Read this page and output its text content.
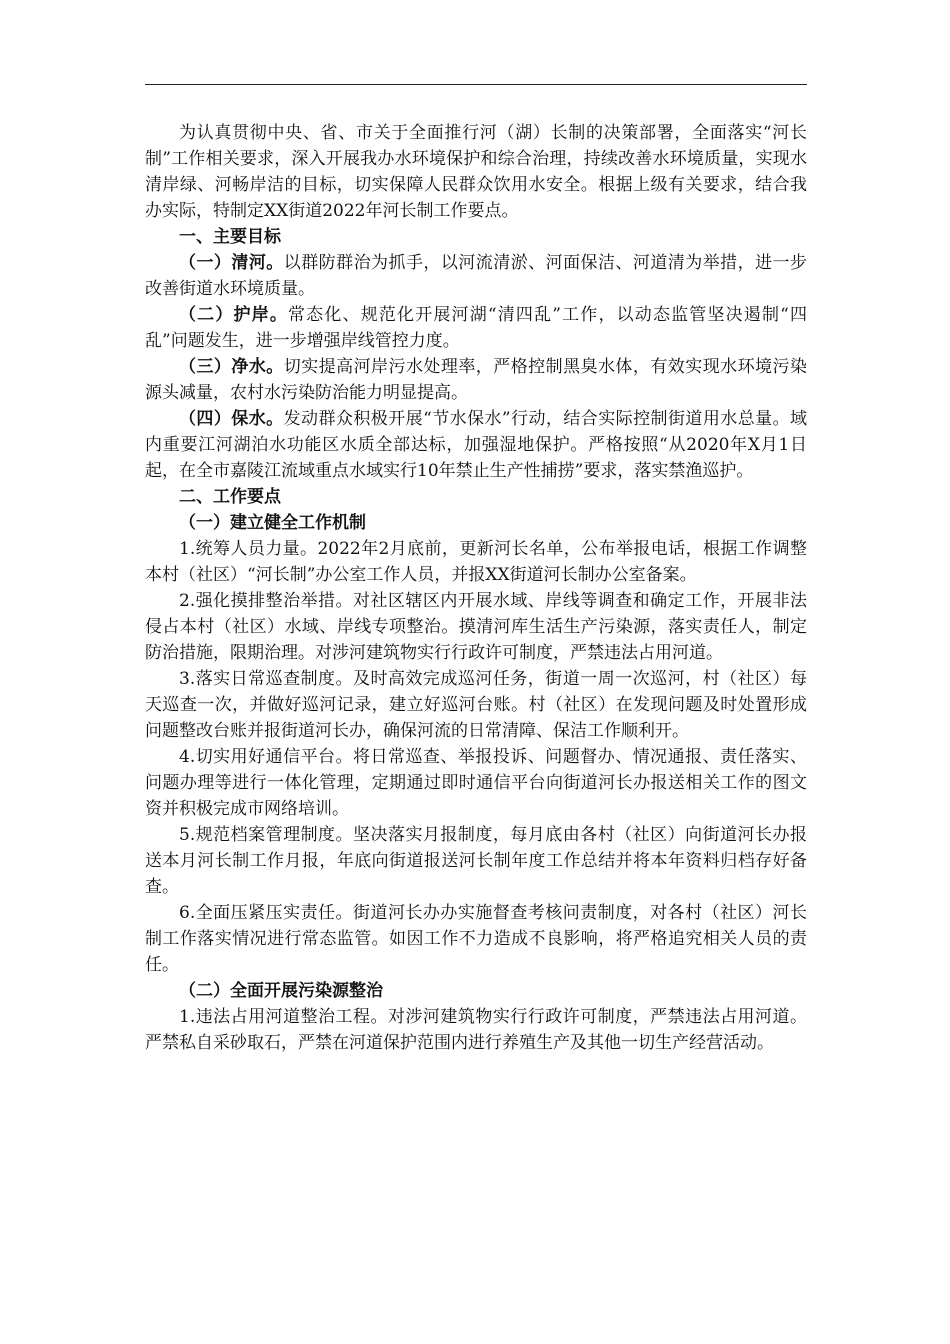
为认真贯彻中央、省、市关于全面推行河（湖）长制的决策部署，全面落实“河长制”工作相关要求，深入开展我办水环境保护和综合治理，持续改善水环境质量，实现水清岸绿、河畅岸洁的目标，切实保障人民群众饮用水安全。根据上级有关要求，结合我办实际，特制定XX街道2022年河长制工作要点。

一、主要目标

（一）清河。以群防群治为抓手，以河流清淤、河面保洁、河道清为举措，进一步改善街道水环境质量。

（二）护岸。常态化、规范化开展河湖“清四乱”工作，以动态监管坚决遏制“四乱”问题发生，进一步增强岸线管控力度。

（三）净水。切实提高河岸污水处理率，严格控制黑臭水体，有效实现水环境污染源头减量，农村水污染防治能力明显提高。

（四）保水。发动群众积极开展“节水保水”行动，结合实际控制街道用水总量。域内重要江河湖泊水功能区水质全部达标，加强湿地保护。严格按照“从2020年X月1日起，在全市嘉陵江流域重点水域实行10年禁止生产性捕捞”要求，落实禁渔巡护。

二、工作要点

（一）建立健全工作机制

1.统筹人员力量。2022年2月底前，更新河长名单，公布举报电话，根据工作调整本村（社区）“河长制”办公室工作人员，并报XX街道河长制办公室备案。

2.强化摸排整治举措。对社区辖区内开展水域、岸线等调查和确定工作，开展非法侵占本村（社区）水域、岸线专项整治。摸清河库生活生产污染源，落实责任人，制定防治措施，限期治理。对涉河建筑物实行行政许可制度，严禁违法占用河道。

3.落实日常巡查制度。及时高效完成巡河任务，街道一周一次巡河，村（社区）每天巡查一次，并做好巡河记录，建立好巡河台账。村（社区）在发现问题及时处置形成问题整改台账并报街道河长办，确保河流的日常清障、保洁工作顺利开。

4.切实用好通信平台。将日常巡查、举报投诉、问题督办、情况通报、责任落实、问题办理等进行一体化管理，定期通过即时通信平台向街道河长办报送相关工作的图文资并积极完成市网络培训。

5.规范档案管理制度。坚决落实月报制度，每月底由各村（社区）向街道河长办报送本月河长制工作月报，年底向街道报送河长制年度工作总结并将本年资料归档存好备查。

6.全面压紧压实责任。街道河长办办实施督查考核问责制度，对各村（社区）河长制工作落实情况进行常态监管。如因工作不力造成不良影响，将严格追究相关人员的责任。

（二）全面开展污染源整治

1.违法占用河道整治工程。对涉河建筑物实行行政许可制度，严禁违法占用河道。严禁私自采砂取石，严禁在河道保护范围内进行养殖生产及其他一切生产经营活动。
